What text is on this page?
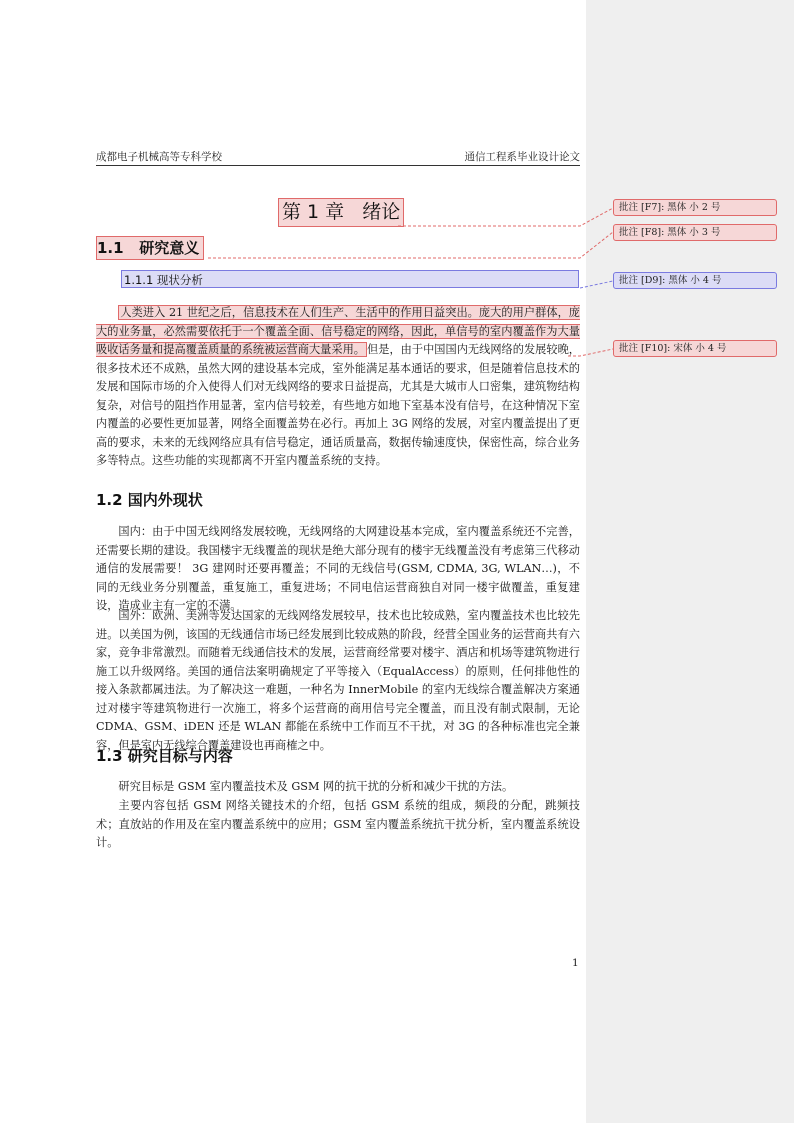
成都电子机械高等专科学校	通信工程系毕业设计论文
第 1 章   绪论
1.1   研究意义
1.1.1 现状分析

人类进入 21 世纪之后，信息技术在人们生产、生活中的作用日益突出。庞大的用户群体，庞大的业务量，必然需要依托于一个覆盖全面、信号稳定的网络，因此，单信号的室内覆盖作为大量吸收话务量和提高覆盖质量的系统被运营商大量采用。 但是，由于中国国内无线网络的发展较晚，很多技术还不成熟，虽然大网的建设基本完成，室外能满足基本通话的要求，但是随着信息技术的发展和国际市场的介入使得人们对无线网络的要求日益提高，尤其是大城市人口密集，建筑物结构复杂，对信号的阻挡作用显著，室内信号较差，有些地方如地下室基本没有信号，在这种情况下室内覆盖的必要性更加显著，网络全面覆盖势在必行。再加上 3G 网络的发展，对室内覆盖提出了更高的要求，未来的无线网络应具有信号稳定，通话质量高，数据传输速度快，保密性高，综合业务多等特点。这些功能的实现都离不开室内覆盖系统的支持。

1.2 国内外现状

国内：由于中国无线网络发展较晚，无线网络的大网建设基本完成，室内覆盖系统还不完善，还需要长期的建设。我国楼宇无线覆盖的现状是绝大部分现有的楼宇无线覆盖没有考虑第三代移动通信的发展需要！ 3G 建网时还要再覆盖；不同的无线信号(GSM, CDMA, 3G, WLAN…)，不同的无线业务分别覆盖，重复施工，重复进场；不同电信运营商独自对同一楼宇做覆盖，重复建设，造成业主有一定的不满。

国外：欧洲、美洲等发达国家的无线网络发展较早，技术也比较成熟，室内覆盖技术也比较先进。以美国为例，该国的无线通信市场已经发展到比较成熟的阶段，经营全国业务的运营商共有六家，竞争非常激烈。而随着无线通信技术的发展，运营商经常要对楼宇、酒店和机场等建筑物进行施工以升级网络。美国的通信法案明确规定了平等接入（EqualAccess）的原则，任何排他性的接入条款都属违法。为了解决这一难题，一种名为 InnerMobile 的室内无线综合覆盖解决方案通过对楼宇等建筑物进行一次施工，将多个运营商的商用信号完全覆盖，而且没有制式限制，无论 CDMA、GSM、iDEN 还是 WLAN 都能在系统中工作而互不干扰，对 3G 的各种标准也完全兼容，但是室内无线综合覆盖建设也再商榷之中。

1.3 研究目标与内容

研究目标是 GSM 室内覆盖技术及 GSM 网的抗干扰的分析和减少干扰的方法。

主要内容包括 GSM 网络关键技术的介绍，包括 GSM 系统的组成，频段的分配，跳频技术；直放站的作用及在室内覆盖系统中的应用；GSM 室内覆盖系统抗干扰分析，室内覆盖系统设计。

1
批注 [F7]: 黑体 小 2 号
批注 [F8]: 黑体 小 3 号
批注 [D9]: 黑体 小 4 号
批注 [F10]: 宋体 小 4 号
